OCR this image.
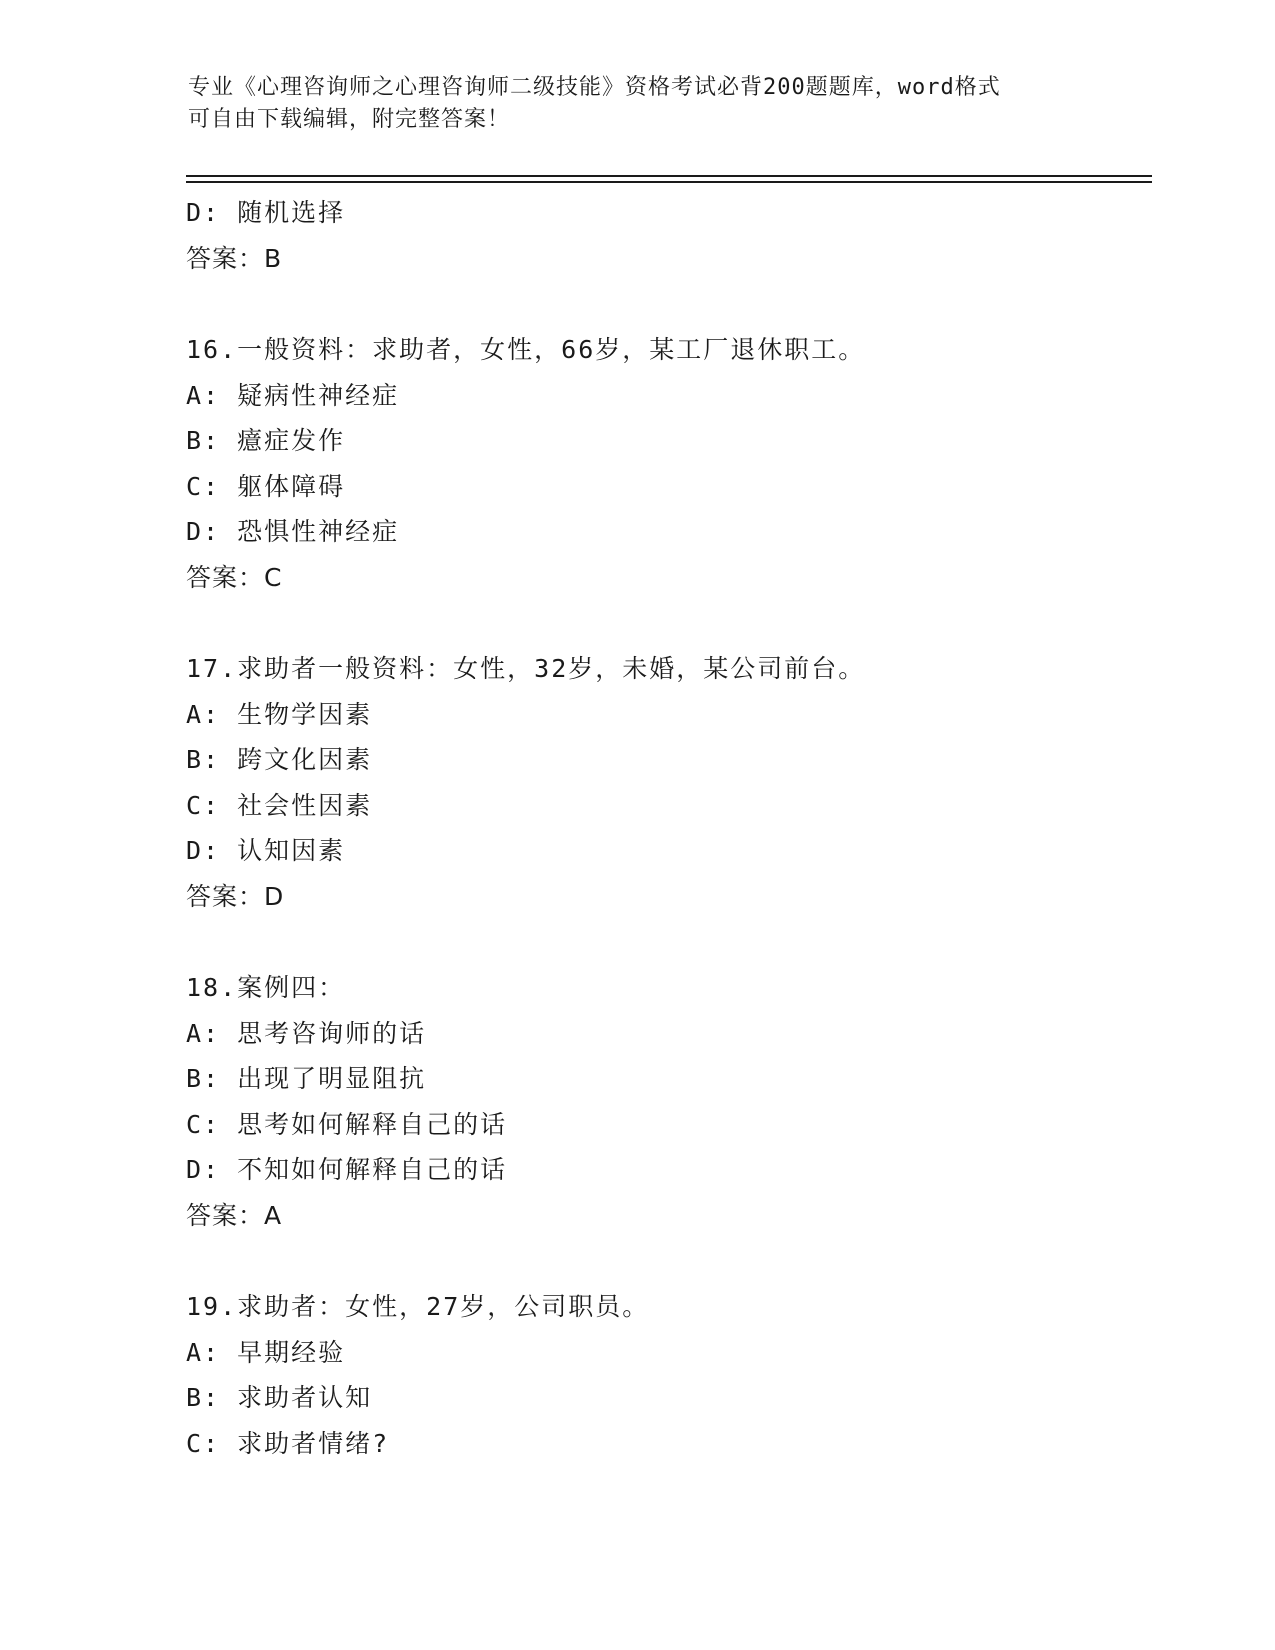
专业《心理咨询师之心理咨询师二级技能》资格考试必背200题题库，word格式
可自由下载编辑，附完整答案！
D: 随机选择
答案：B
16.一般资料：求助者，女性，66岁，某工厂退休职工。
A: 疑病性神经症
B: 癔症发作
C: 躯体障碍
D: 恐惧性神经症
答案：C
17.求助者一般资料：女性，32岁，未婚，某公司前台。
A: 生物学因素
B: 跨文化因素
C: 社会性因素
D: 认知因素
答案：D
18.案例四：
A: 思考咨询师的话
B: 出现了明显阻抗
C: 思考如何解释自己的话
D: 不知如何解释自己的话
答案：A
19.求助者：女性，27岁，公司职员。
A: 早期经验
B: 求助者认知
C: 求助者情绪?
